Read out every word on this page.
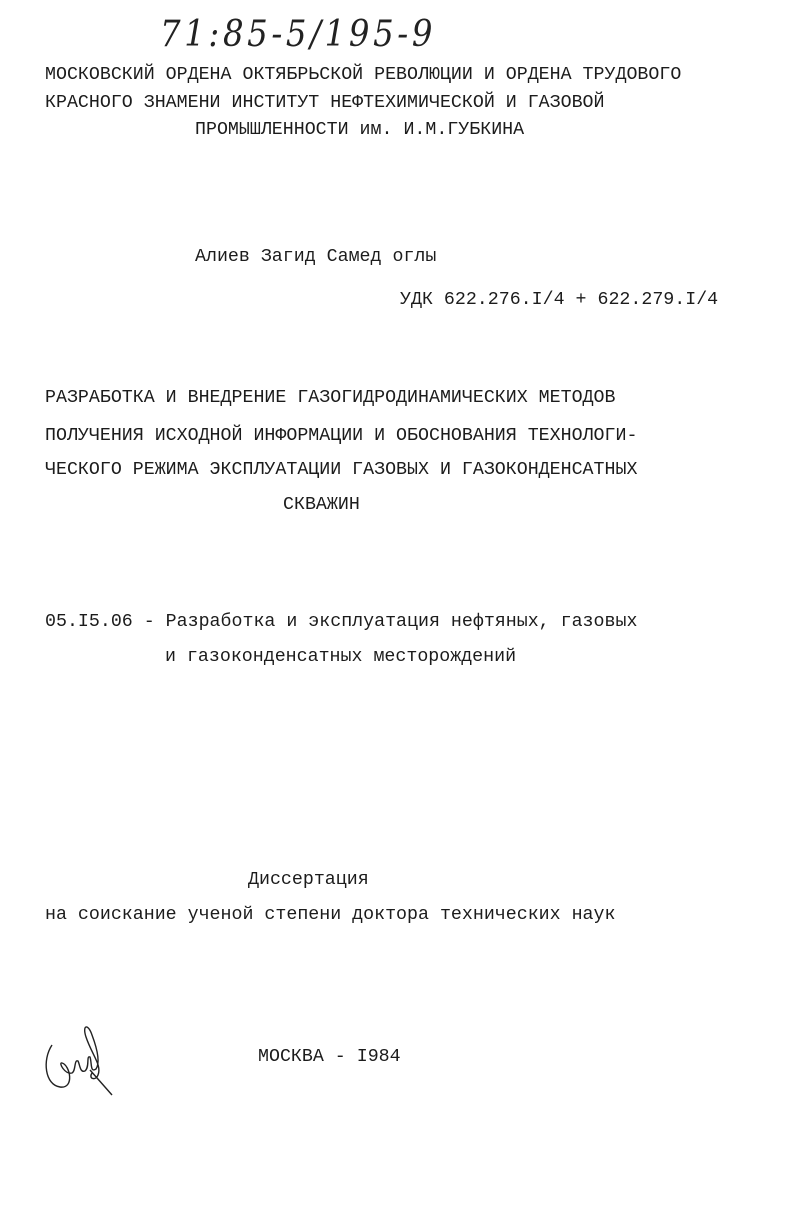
71:85-5/195-9
МОСКОВСКИЙ ОРДЕНА ОКТЯБРЬСКОЙ РЕВОЛЮЦИИ И ОРДЕНА ТРУДОВОГО
КРАСНОГО ЗНАМЕНИ ИНСТИТУТ НЕФТЕХИМИЧЕСКОЙ И ГАЗОВОЙ
ПРОМЫШЛЕННОСТИ им. И.М.ГУБКИНА
Алиев Загид Самед оглы
УДК 622.276.I/4 + 622.279.I/4
РАЗРАБОТКА И ВНЕДРЕНИЕ ГАЗОГИДРОДИНАМИЧЕСКИХ МЕТОДОВ
ПОЛУЧЕНИЯ ИСХОДНОЙ ИНФОРМАЦИИ И ОБОСНОВАНИЯ ТЕХНОЛОГИ-
ЧЕСКОГО РЕЖИМА ЭКСПЛУАТАЦИИ ГАЗОВЫХ И ГАЗОКОНДЕНСАТНЫХ
СКВАЖИН
05.I5.06 - Разработка и эксплуатация нефтяных, газовых
и газоконденсатных месторождений
Диссертация
на соискание ученой степени доктора технических наук
МОСКВА - I984
